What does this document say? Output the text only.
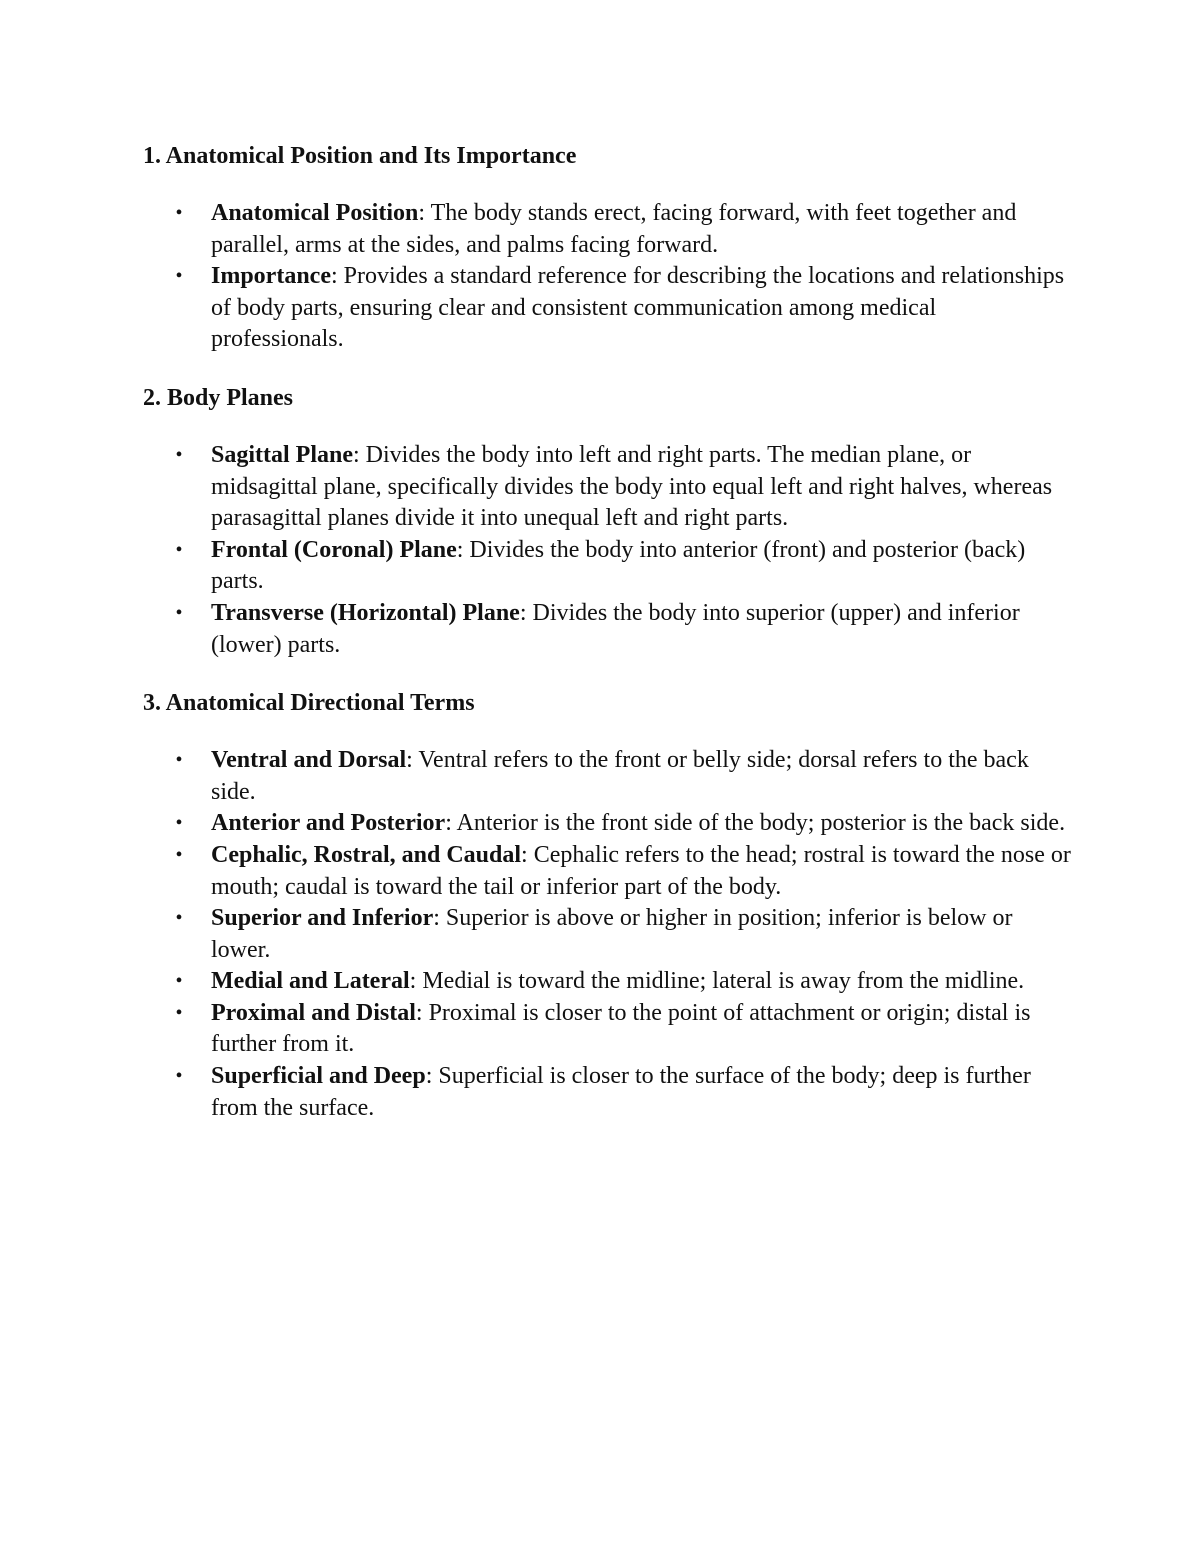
1. Anatomical Position and Its Importance
• Anatomical Position: The body stands erect, facing forward, with feet together and parallel, arms at the sides, and palms facing forward.
• Importance: Provides a standard reference for describing the locations and relationships of body parts, ensuring clear and consistent communication among medical professionals.
2. Body Planes
• Sagittal Plane: Divides the body into left and right parts. The median plane, or midsagittal plane, specifically divides the body into equal left and right halves, whereas parasagittal planes divide it into unequal left and right parts.
• Frontal (Coronal) Plane: Divides the body into anterior (front) and posterior (back) parts.
• Transverse (Horizontal) Plane: Divides the body into superior (upper) and inferior (lower) parts.
3. Anatomical Directional Terms
• Ventral and Dorsal: Ventral refers to the front or belly side; dorsal refers to the back side.
• Anterior and Posterior: Anterior is the front side of the body; posterior is the back side.
• Cephalic, Rostral, and Caudal: Cephalic refers to the head; rostral is toward the nose or mouth; caudal is toward the tail or inferior part of the body.
• Superior and Inferior: Superior is above or higher in position; inferior is below or lower.
• Medial and Lateral: Medial is toward the midline; lateral is away from the midline.
• Proximal and Distal: Proximal is closer to the point of attachment or origin; distal is further from it.
• Superficial and Deep: Superficial is closer to the surface of the body; deep is further from the surface.
